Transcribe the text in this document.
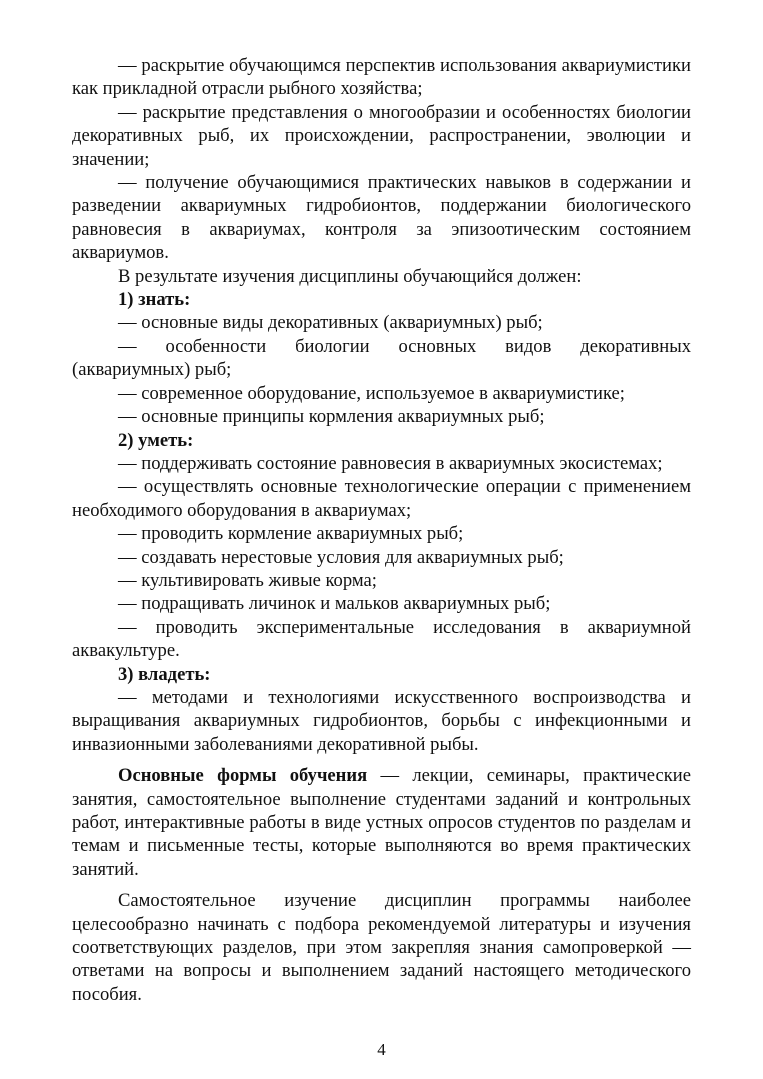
— раскрытие обучающимся перспектив использования аквариумистики как прикладной отрасли рыбного хозяйства;

— раскрытие представления о многообразии и особенностях биологии декоративных рыб, их происхождении, распространении, эволюции и значении;

— получение обучающимися практических навыков в содержании и разведении аквариумных гидробионтов, поддержании биологического равновесия в аквариумах, контроля за эпизоотическим состоянием аквариумов.

В результате изучения дисциплины обучающийся должен:

1) знать:

— основные виды декоративных (аквариумных) рыб;

— особенности биологии основных видов декоративных (аквариумных) рыб;

— современное оборудование, используемое в аквариумистике;

— основные принципы кормления аквариумных рыб;

2) уметь:

— поддерживать состояние равновесия в аквариумных экосистемах;

— осуществлять основные технологические операции с применением необходимого оборудования в аквариумах;

— проводить кормление аквариумных рыб;

— создавать нерестовые условия для аквариумных рыб;

— культивировать живые корма;

— подращивать личинок и мальков аквариумных рыб;

— проводить экспериментальные исследования в аквариумной аквакультуре.

3) владеть:

— методами и технологиями искусственного воспроизводства и выращивания аквариумных гидробионтов, борьбы с инфекционными и инвазионными заболеваниями декоративной рыбы.

Основные формы обучения — лекции, семинары, практические занятия, самостоятельное выполнение студентами заданий и контрольных работ, интерактивные работы в виде устных опросов студентов по разделам и темам и письменные тесты, которые выполняются во время практических занятий.

Самостоятельное изучение дисциплин программы наиболее целесообразно начинать с подбора рекомендуемой литературы и изучения соответствующих разделов, при этом закрепляя знания самопроверкой — ответами на вопросы и выполнением заданий настоящего методического пособия.

4
